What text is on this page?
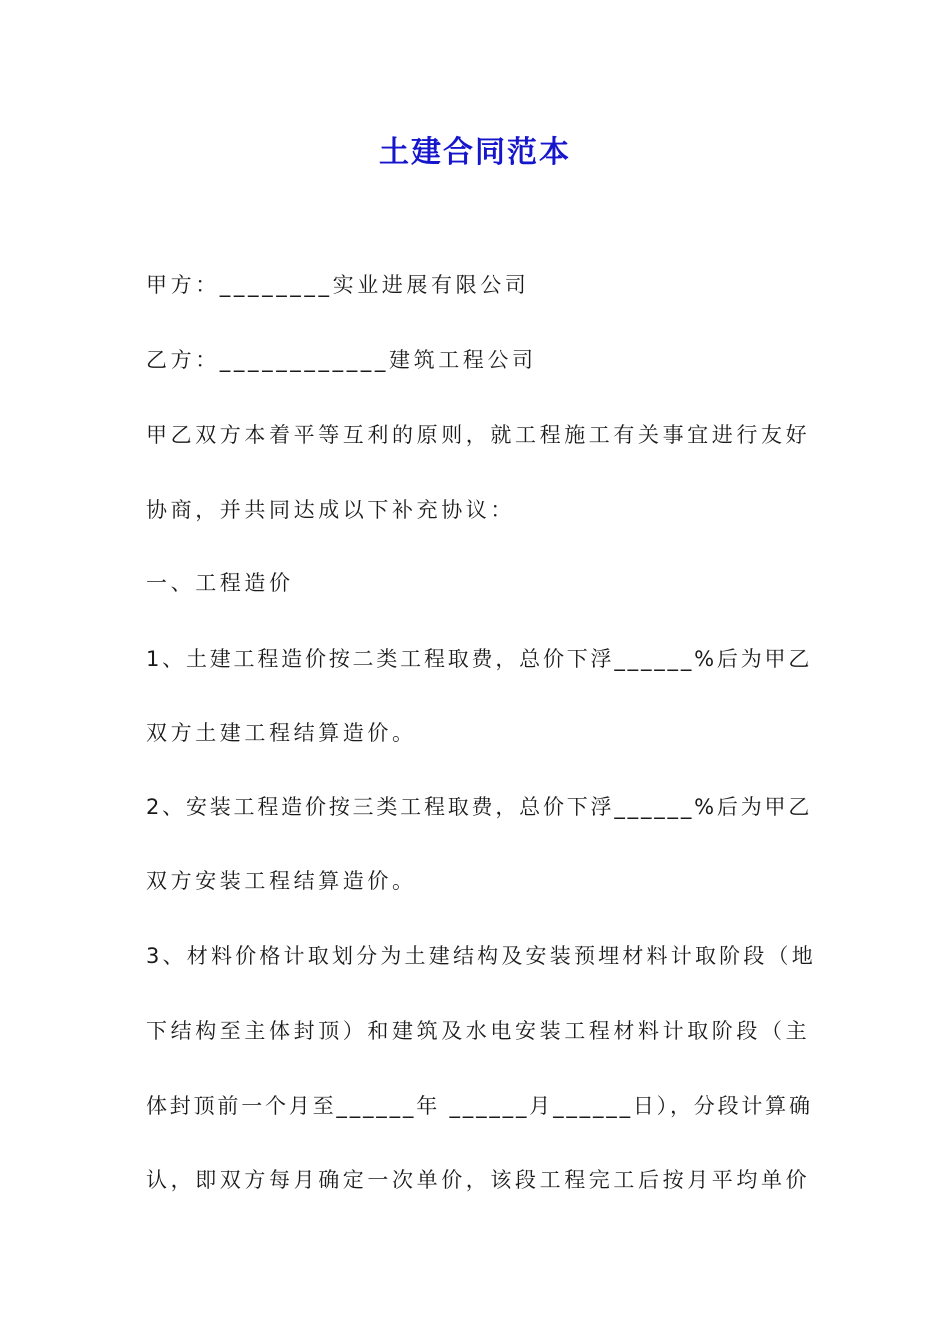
土建合同范本
甲方：________实业进展有限公司
乙方：____________建筑工程公司
甲乙双方本着平等互利的原则，就工程施工有关事宜进行友好
协商，并共同达成以下补充协议：
一、工程造价
1、土建工程造价按二类工程取费，总价下浮______%后为甲乙
双方土建工程结算造价。
2、安装工程造价按三类工程取费，总价下浮______%后为甲乙
双方安装工程结算造价。
3、材料价格计取划分为土建结构及安装预埋材料计取阶段（地
下结构至主体封顶）和建筑及水电安装工程材料计取阶段（主
体封顶前一个月至______年 ______月______日），分段计算确
认，即双方每月确定一次单价，该段工程完工后按月平均单价
